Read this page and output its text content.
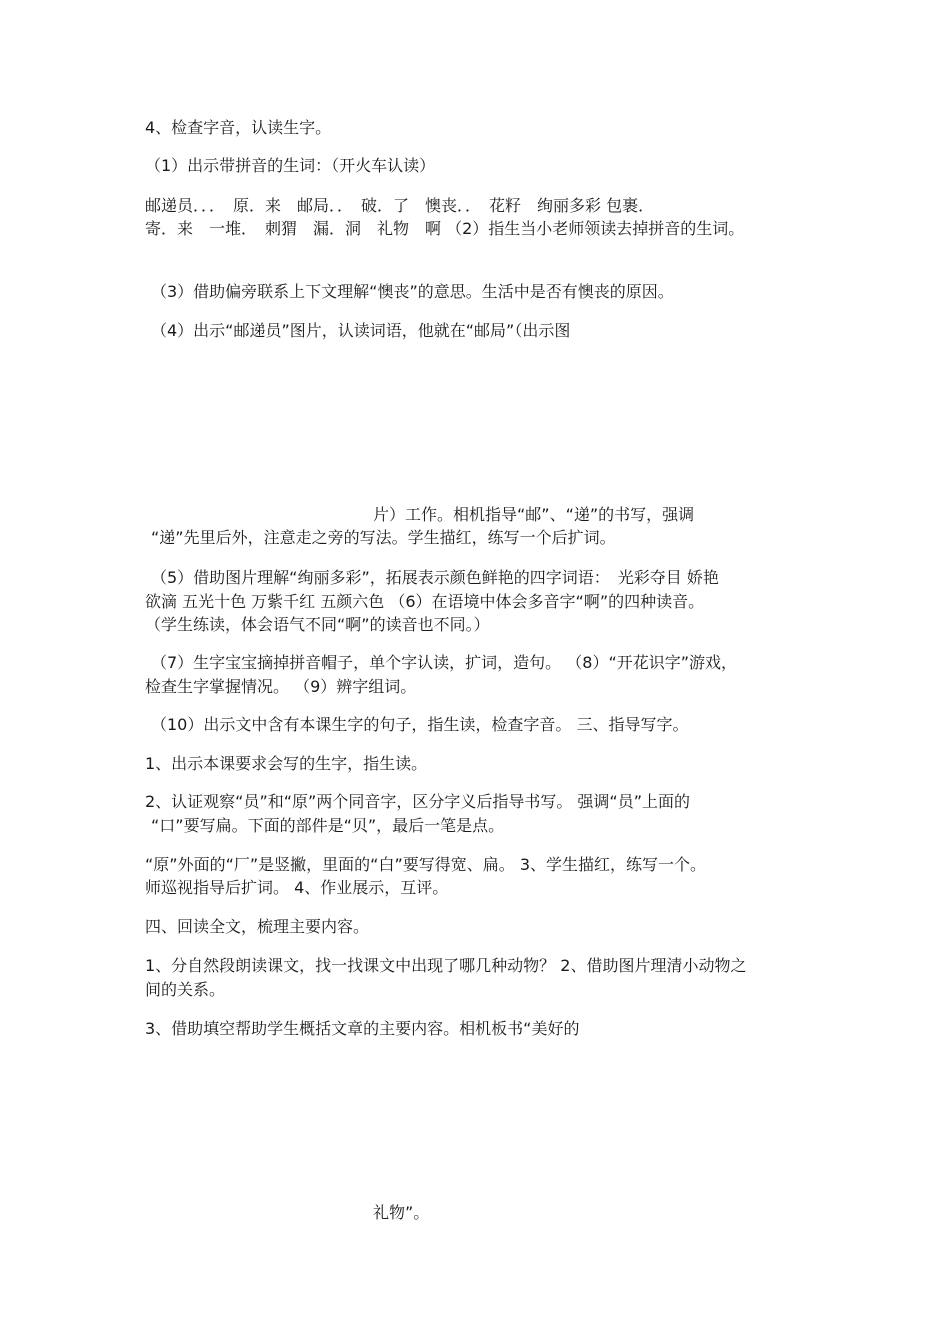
4、检查字音，认读生字。
（1）出示带拼音的生词：（开火车认读）
邮递员．．．　原．来　邮局．．　破．了　懊丧．．　花籽　绚丽多彩 包裹．
寄．来　一堆．　刺猬　漏．洞　礼物　啊 （2）指生当小老师领读去掉拼音的生词。
（3）借助偏旁联系上下文理解“懊丧”的意思。生活中是否有懊丧的原因。
（4）出示“邮递员”图片，认读词语，他就在“邮局”（出示图
片）工作。相机指导“邮”、“递”的书写，强调
“递”先里后外，注意走之旁的写法。学生描红，练写一个后扩词。
（5）借助图片理解“绚丽多彩”，拓展表示颜色鲜艳的四字词语：　光彩夺目 娇艳
欲滴 五光十色 万紫千红 五颜六色 （6）在语境中体会多音字“啊”的四种读音。
（学生练读，体会语气不同“啊”的读音也不同。）
（7）生字宝宝摘掉拼音帽子，单个字认读，扩词，造句。 （8）“开花识字”游戏，
检查生字掌握情况。 （9）辨字组词。
（10）出示文中含有本课生字的句子，指生读，检查字音。 三、指导写字。
1、出示本课要求会写的生字，指生读。
2、认证观察“员”和“原”两个同音字，区分字义后指导书写。 强调“员”上面的
“口”要写扁。下面的部件是“贝”，最后一笔是点。
“原”外面的“厂”是竖撇，里面的“白”要写得宽、扁。 3、学生描红，练写一个。
师巡视指导后扩词。 4、作业展示，互评。
四、回读全文，梳理主要内容。
1、分自然段朗读课文，找一找课文中出现了哪几种动物？ 2、借助图片理清小动物之
间的关系。
3、借助填空帮助学生概括文章的主要内容。相机板书“美好的
礼物”。
